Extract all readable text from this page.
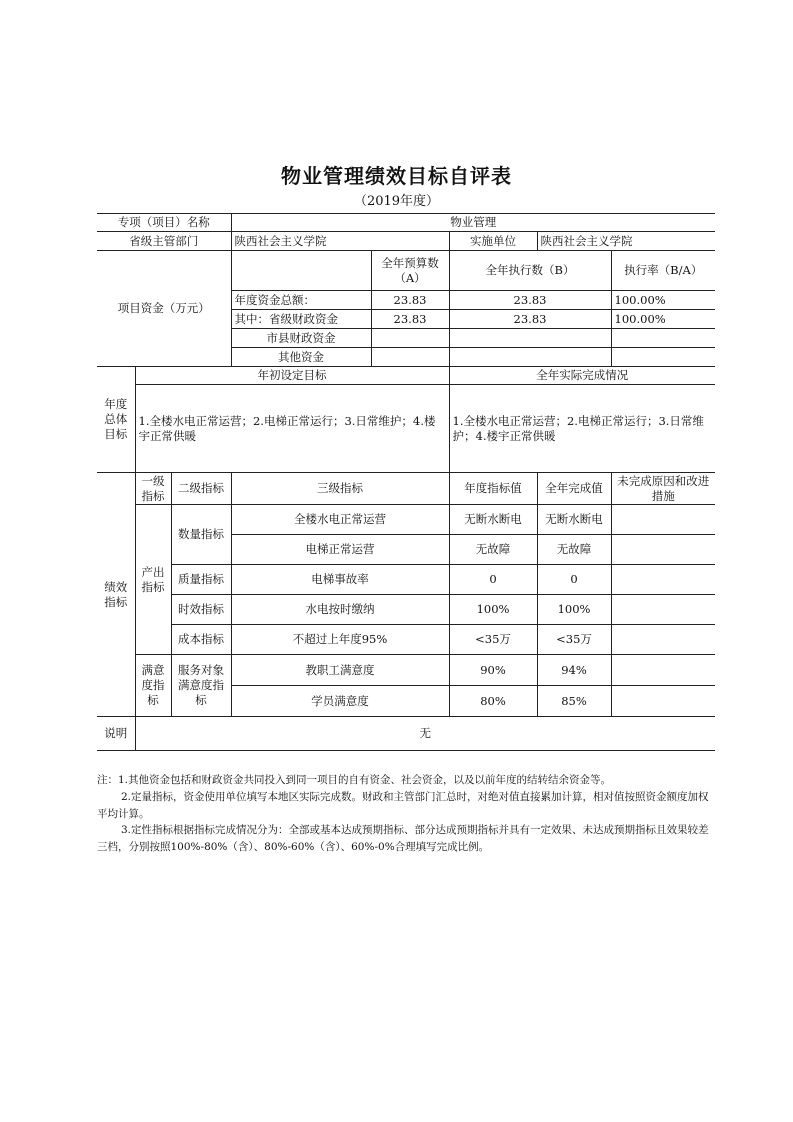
物业管理绩效目标自评表
（2019年度）
专项（项目）名称			物业管理				
省级主管部门			陕西社会主义学院		实施单位	陕西社会主义学院	
项目资金（万元）				全年预算数（A）	全年执行数（B）		执行率（B/A）
			年度资金总额：	23.83	23.83		100.00%
			其中：省级财政资金	23.83	23.83		100.00%
			市县财政资金				
			其他资金				
年度总体目标	年初设定目标				全年实际完成情况		
	1.全楼水电正常运营；2.电梯正常运行；3.日常维护；4.楼宇正常供暖				1.全楼水电正常运营；2.电梯正常运行；3.日常维护；4.楼宇正常供暖		
绩效指标	一级指标	二级指标	三级指标		年度指标值	全年完成值	未完成原因和改进措施
	产出指标	数量指标	全楼水电正常运营		无断水断电	无断水断电	
			电梯正常运营		无故障	无故障	
		质量指标	电梯事故率		0	0	
		时效指标	水电按时缴纳		100%	100%	
		成本指标	不超过上年度95%		<35万	<35万	
	满意度指标	服务对象满意度指标	教职工满意度		90%	94%	
			学员满意度		80%	85%	
说明	无						

注：1.其他资金包括和财政资金共同投入到同一项目的自有资金、社会资金，以及以前年度的结转结余资金等。

2.定量指标，资金使用单位填写本地区实际完成数。财政和主管部门汇总时，对绝对值直接累加计算，相对值按照资金额度加权平均计算。

3.定性指标根据指标完成情况分为：全部或基本达成预期指标、部分达成预期指标并具有一定效果、未达成预期指标且效果较差三档，分别按照100%-80%（含）、80%-60%（含）、60%-0%合理填写完成比例。
